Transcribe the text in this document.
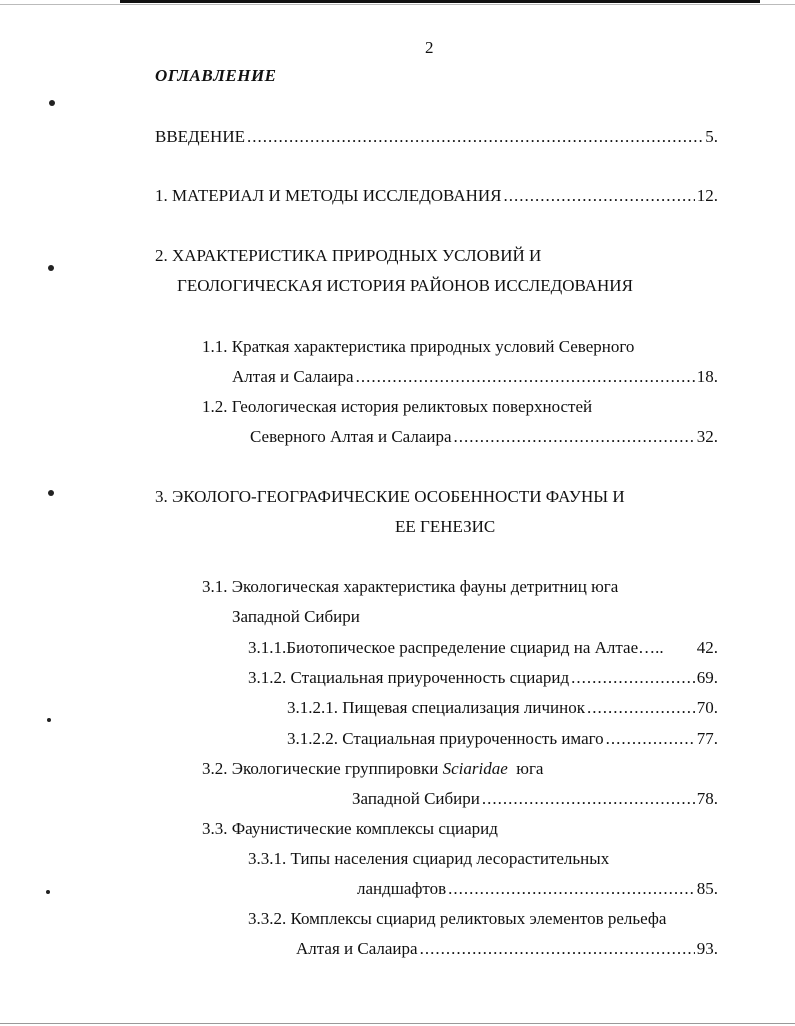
2
ОГЛАВЛЕНИЕ
ВВЕДЕНИЕ .....	5.
1. МАТЕРИАЛ И МЕТОДЫ ИССЛЕДОВАНИЯ .....	12.
2. ХАРАКТЕРИСТИКА ПРИРОДНЫХ УСЛОВИЙ И
ГЕОЛОГИЧЕСКАЯ ИСТОРИЯ РАЙОНОВ ИССЛЕДОВАНИЯ
1.1. Краткая характеристика природных условий Северного
Алтая и Салаира .....	18.
1.2. Геологическая история реликтовых поверхностей
Северного Алтая и Салаира .....	32.
3. ЭКОЛОГО-ГЕОГРАФИЧЕСКИЕ ОСОБЕННОСТИ ФАУНЫ И
ЕЕ ГЕНЕЗИС
3.1. Экологическая характеристика фауны детритниц юга
Западной Сибири
3.1.1.Биотопическое распределение сциарид на Алтае….. 42.
3.1.2. Стациальная приуроченность сциарид .....	69.
3.1.2.1. Пищевая специализация личинок .....	70.
3.1.2.2. Стациальная приуроченность имаго .....	77.
3.2. Экологические группировки Sciaridae  юга
Западной Сибири .....	78.
3.3. Фаунистические комплексы сциарид
3.3.1. Типы населения сциарид лесорастительных
ландшафтов .....	85.
3.3.2. Комплексы сциарид реликтовых элементов рельефа
Алтая и Салаира .....	93.
